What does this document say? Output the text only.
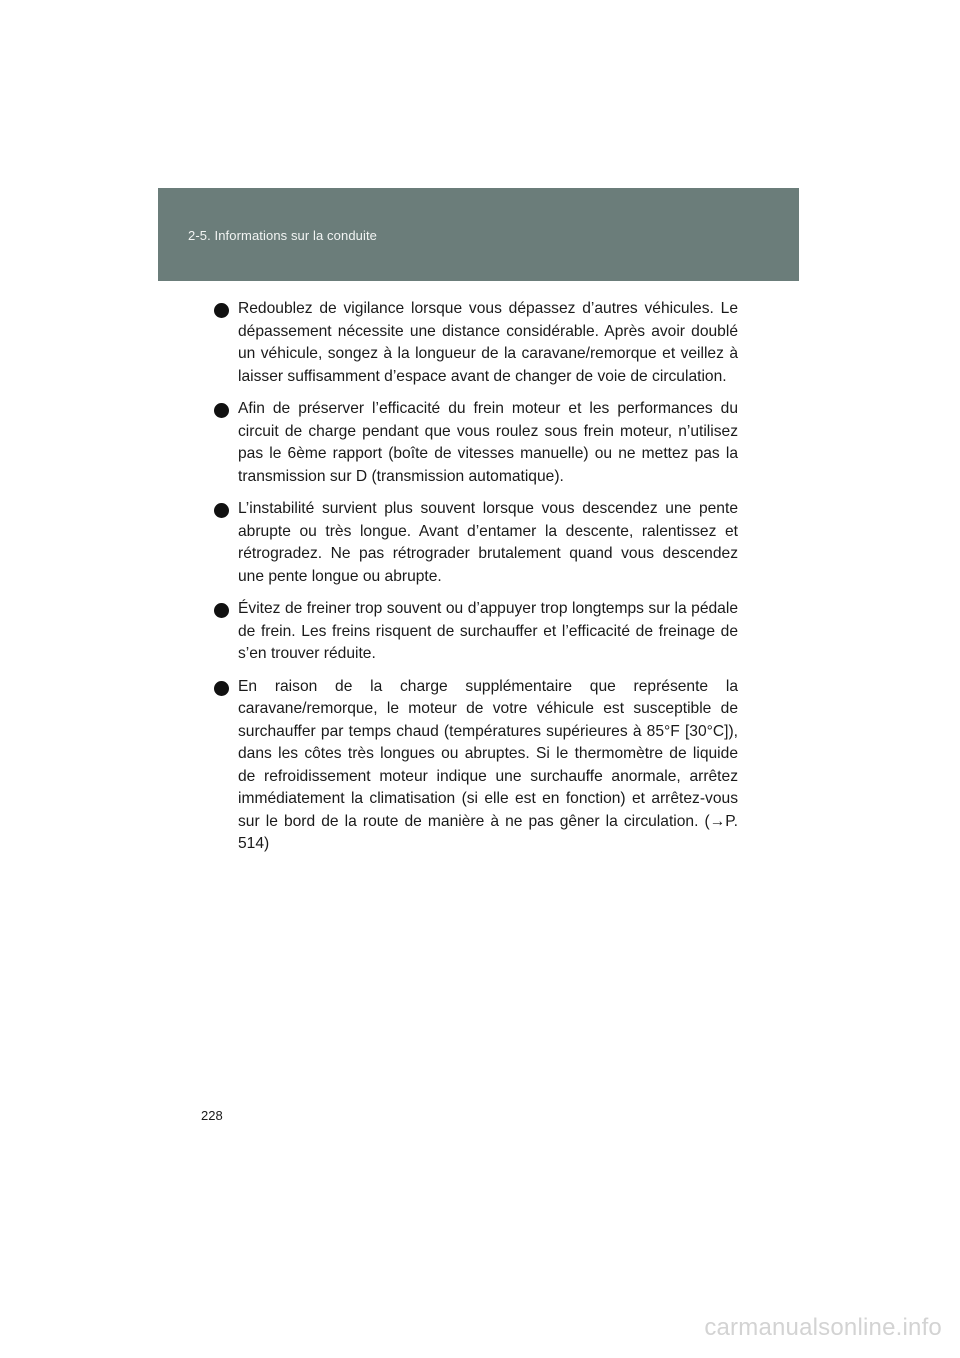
2-5. Informations sur la conduite
Redoublez de vigilance lorsque vous dépassez d’autres véhicules. Le dépassement nécessite une distance considérable. Après avoir doublé un véhicule, songez à la longueur de la caravane/remorque et veillez à laisser suffisamment d’espace avant de changer de voie de circulation.
Afin de préserver l’efficacité du frein moteur et les performances du circuit de charge pendant que vous roulez sous frein moteur, n’utilisez pas le 6ème rapport (boîte de vitesses manuelle) ou ne mettez pas la transmission sur D (transmission automatique).
L’instabilité survient plus souvent lorsque vous descendez une pente abrupte ou très longue. Avant d’entamer la descente, ralentissez et rétrogradez. Ne pas rétrograder brutalement quand vous descendez une pente longue ou abrupte.
Évitez de freiner trop souvent ou d’appuyer trop longtemps sur la pédale de frein. Les freins risquent de surchauffer et l’efficacité de freinage de s’en trouver réduite.
En raison de la charge supplémentaire que représente la caravane/remorque, le moteur de votre véhicule est susceptible de surchauffer par temps chaud (températures supérieures à 85°F [30°C]), dans les côtes très longues ou abruptes. Si le thermomètre de liquide de refroidissement moteur indique une surchauffe anormale, arrêtez immédiatement la climatisation (si elle est en fonction) et arrêtez-vous sur le bord de la route de manière à ne pas gêner la circulation. (→P. 514)
228
carmanualsonline.info
